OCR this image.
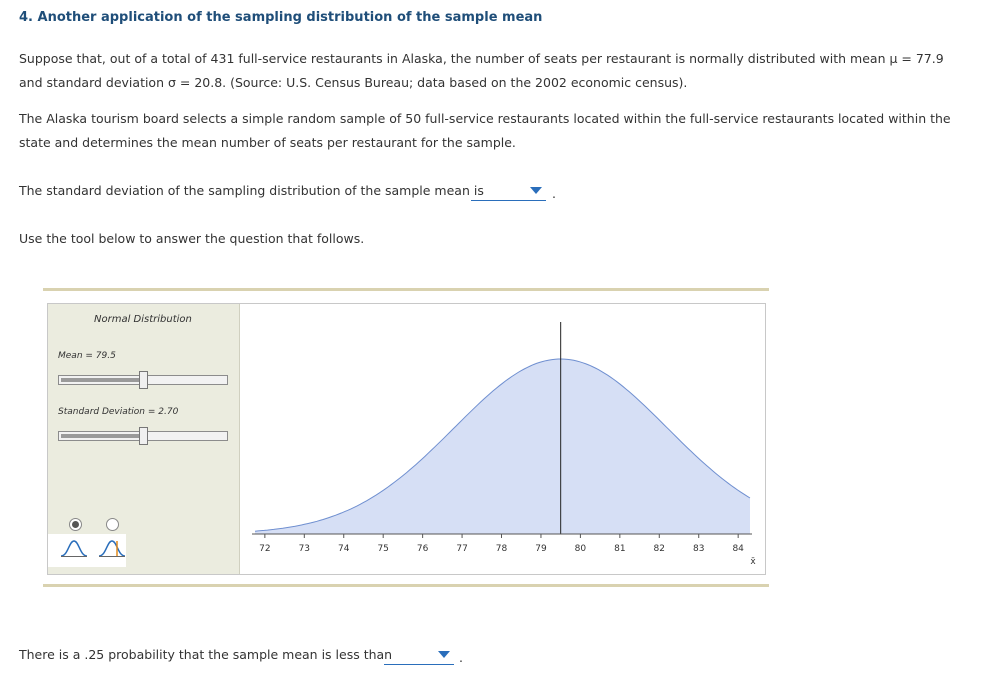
4. Another application of the sampling distribution of the sample mean
Suppose that, out of a total of 431 full-service restaurants in Alaska, the number of seats per restaurant is normally distributed with mean μ = 77.9
and standard deviation σ = 20.8. (Source: U.S. Census Bureau; data based on the 2002 economic census).
The Alaska tourism board selects a simple random sample of 50 full-service restaurants located within the full-service restaurants located within the
state and determines the mean number of seats per restaurant for the sample.
The standard deviation of the sampling distribution of the sample mean is	.
Use the tool below to answer the question that follows.
Normal Distribution
Mean = 79.5
Standard Deviation = 2.70
72	73	74	75	76	77	78	79	80	81	82	83	84
x̄
There is a .25 probability that the sample mean is less than	.
